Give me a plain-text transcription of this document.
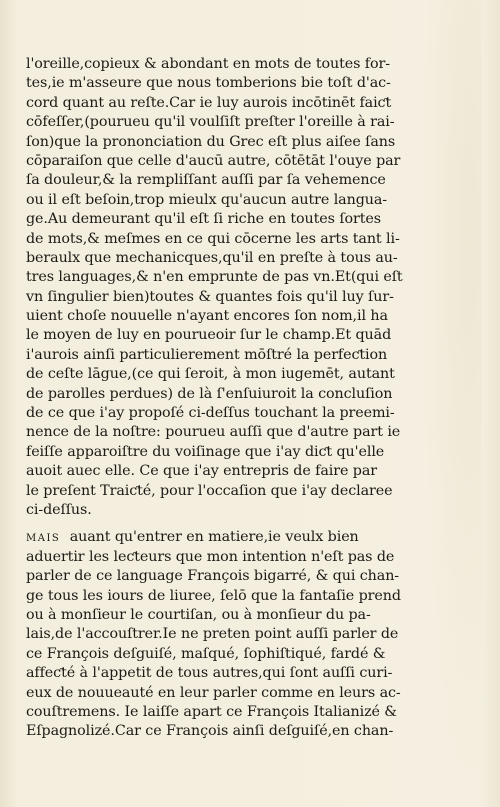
l'oreille,copieux & abondant en mots de toutes for-
tes,ie m'asseure que nous tomberions bie toſt d'ac-
cord quant au reſte.Car ie luy aurois incōtinēt faiƈt
cōfeſſer,(pourueu qu'il voulſiſt preſter l'oreille à rai-
ſon)que la prononciation du Grec eſt plus aiſee ſans
cōparaiſon que celle d'aucū autre, cōtētāt l'ouye par
ſa douleur,& la rempliſſant auſſi par ſa vehemence
ou il eſt beſoin,trop mieulx qu'aucun autre langua-
ge.Au demeurant qu'il eſt ſi riche en toutes ſortes
de mots,& meſmes en ce qui cōcerne les arts tant li-
beraulx que mechanicques,qu'il en preſte à tous au-
tres languages,& n'en emprunte de pas vn.Et(qui eſt
vn ſingulier bien)toutes & quantes fois qu'il luy ſur-
uient choſe nouuelle n'ayant encores ſon nom,il ha
le moyen de luy en pourueoir ſur le champ.Et quād
i'aurois ainſi particulierement mōſtré la perfeƈtion
de ceſte lāgue,(ce qui ſeroit, à mon iugemēt, autant
de parolles perdues) de là ſ'enſuiuroit la concluſion
de ce que i'ay propoſé ci-deſſus touchant la preemi-
nence de la noſtre: pourueu auſſi que d'autre part ie
feiſſe apparoiſtre du voiſinage que i'ay diƈt qu'elle
auoit auec elle. Ce que i'ay entrepris de faire par
le preſent Traiƈté, pour l'occaſion que i'ay declaree
ci-deſſus.
MAIS auant qu'entrer en matiere,ie veulx bien
aduertir les leƈteurs que mon intention n'eſt pas de
parler de ce language François bigarré, & qui chan-
ge tous les iours de liuree, ſelō que la fantaſie prend
ou à monſieur le courtiſan, ou à monſieur du pa-
lais,de l'accouſtrer.Ie ne preten point auſſi parler de
ce François deſguiſé, maſqué, ſophiſtiqué, fardé &
affeƈté à l'appetit de tous autres,qui ſont auſſi curi-
eux de nouueauté en leur parler comme en leurs ac-
couſtremens. Ie laiſſe apart ce François Italianizé &
Eſpagnolizé.Car ce François ainſi deſguiſé,en chan-
